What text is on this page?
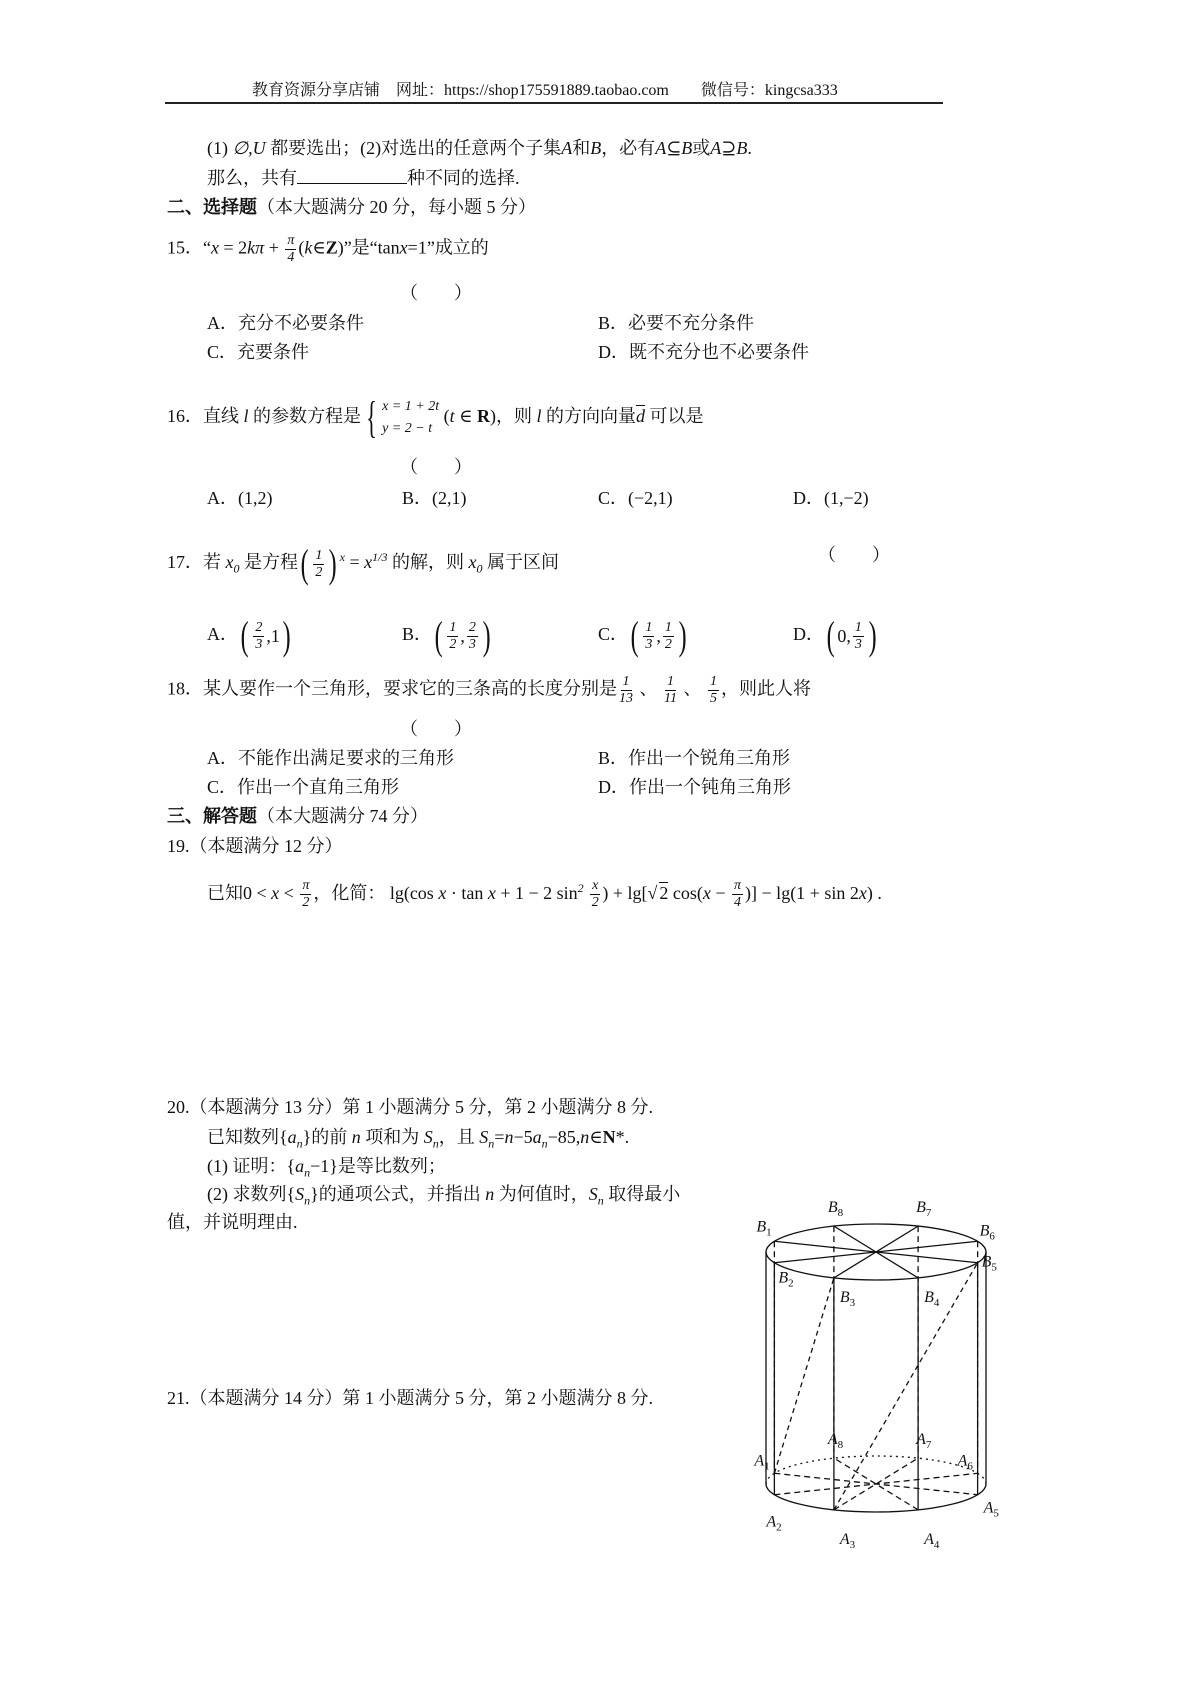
教育资源分享店铺　网址：https://shop175591889.taobao.com　　微信号：kingcsa333
(1) ∅,U 都要选出；(2)对选出的任意两个子集A和B，必有A⊆B或A⊇B.
那么，共有	种不同的选择.
二、选择题（本大题满分 20 分，每小题 5 分）
15．“$x = 2k\pi + \frac{\pi}{4}$ (k∈Z)”是“tanx=1”成立的
（　　）
A．充分不必要条件	B．必要不充分条件
C．充要条件	D．既不充分也不必要条件
16．直线 l 的参数方程是 { x = 1 + 2t
y = 2 − t
(t ∈ R)，则 l 的方向向量$\overline{d}$ 可以是
（　　）
A．(1,2)	B．(2,1)	C．(−2,1)	D．(1,−2)
17．若 $x_0$ 是方程 ( $\frac{1}{2}$ ) $^x = x^{1/3}$ 的解，则 $x_0$ 属于区间	（　　）
A． ( $\frac{2}{3} ,1$ )	B． ( $\frac{1}{2}$ , $\frac{2}{3}$ )	C． ( $\frac{1}{3}$ , $\frac{1}{2}$ )	D． ( 0, $\frac{1}{3}$ )
18．某人要作一个三角形，要求它的三条高的长度分别是 $\frac{1}{13}$ 、 $\frac{1}{11}$ 、 $\frac{1}{5}$ ，则此人将
（　　）
A．不能作出满足要求的三角形	B．作出一个锐角三角形
C．作出一个直角三角形	D．作出一个钝角三角形
三、解答题（本大题满分 74 分）
19.（本题满分 12 分）
已知$0 < x < \frac{\pi}{2}$ ，化简： lg(cos x · tan x + 1 − 2 $\sin^2 \frac{x}{2}$ ) + lg[√ 2 $\cos(x - \frac{\pi}{4}$ )] − lg(1 + sin 2x) .
20.（本题满分 13 分）第 1 小题满分 5 分，第 2 小题满分 8 分.
已知数列$\{a_n\}$的前 n 项和为 $S_n$，且 $S_n=n-5a_n-85,n\in N*$.
(1) 证明：$\{a_n-1\}$是等比数列；
(2) 求数列$\{S_n\}$的通项公式，并指出 n 为何值时，$S_n$ 取得最小
值，并说明理由.
21.（本题满分 14 分）第 1 小题满分 5 分，第 2 小题满分 8 分.
$B_1$
$B_2$
$B_3$	$B_4$
$B_5$
$B_6$
$B_7$
$B_8$
$A_1$
$A_2$
$A_3$	$A_4$
$A_5$
$A_6$
$A_7$
$A_8$
